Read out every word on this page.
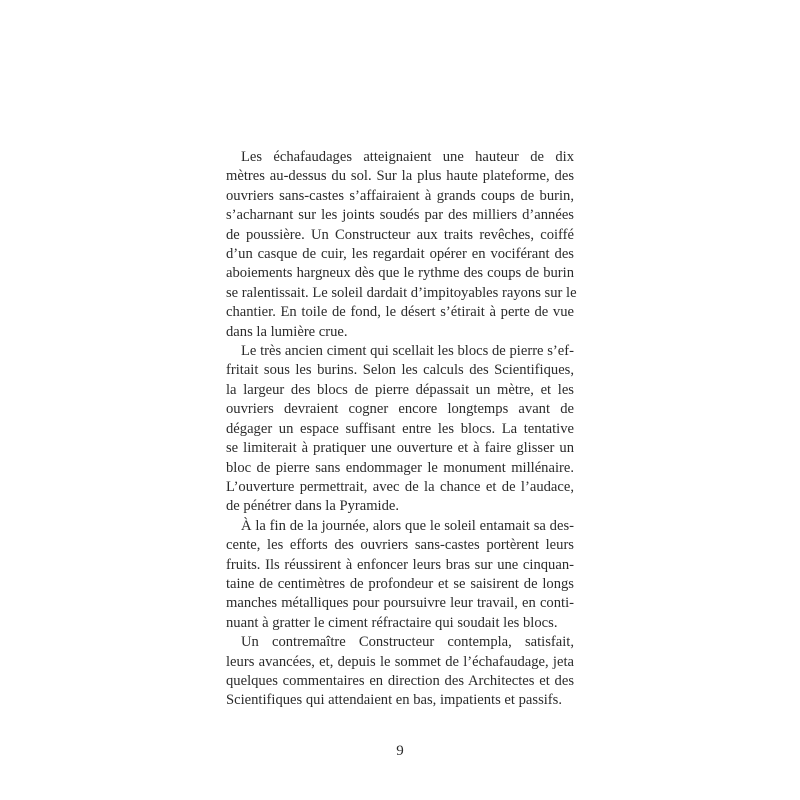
Les échafaudages atteignaient une hauteur de dix
mètres au-dessus du sol. Sur la plus haute plateforme, des
ouvriers sans-castes s’affairaient à grands coups de burin,
s’acharnant sur les joints soudés par des milliers d’années
de poussière. Un Constructeur aux traits revêches, coiffé
d’un casque de cuir, les regardait opérer en vociférant des
aboiements hargneux dès que le rythme des coups de burin
se ralentissait. Le soleil dardait d’impitoyables rayons sur le
chantier. En toile de fond, le désert s’étirait à perte de vue
dans la lumière crue.

Le très ancien ciment qui scellait les blocs de pierre s’ef-
fritait sous les burins. Selon les calculs des Scientifiques,
la largeur des blocs de pierre dépassait un mètre, et les
ouvriers devraient cogner encore longtemps avant de
dégager un espace suffisant entre les blocs. La tentative
se limiterait à pratiquer une ouverture et à faire glisser un
bloc de pierre sans endommager le monument millénaire.
L’ouverture permettrait, avec de la chance et de l’audace,
de pénétrer dans la Pyramide.

À la fin de la journée, alors que le soleil entamait sa des-
cente, les efforts des ouvriers sans-castes portèrent leurs
fruits. Ils réussirent à enfoncer leurs bras sur une cinquan-
taine de centimètres de profondeur et se saisirent de longs
manches métalliques pour poursuivre leur travail, en conti-
nuant à gratter le ciment réfractaire qui soudait les blocs.

Un contremaître Constructeur contempla, satisfait,
leurs avancées, et, depuis le sommet de l’échafaudage, jeta
quelques commentaires en direction des Architectes et des
Scientifiques qui attendaient en bas, impatients et passifs.

9
